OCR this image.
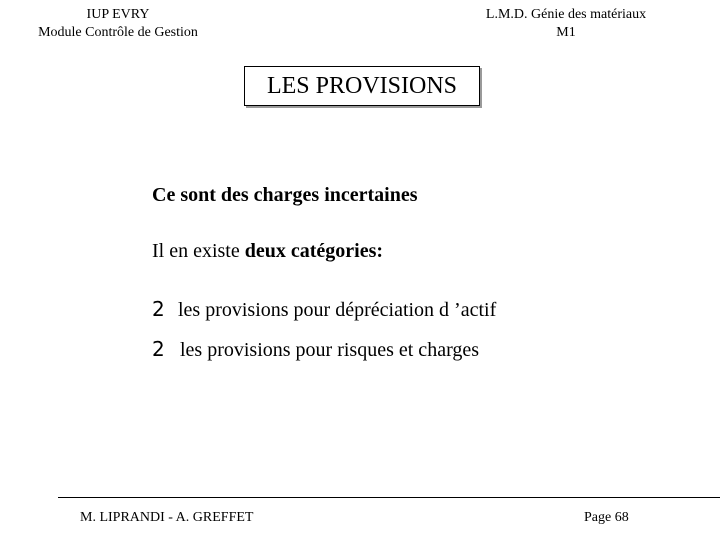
IUP EVRY
Module Contrôle de Gestion
L.M.D. Génie des matériaux
M1
LES PROVISIONS
Ce sont des charges incertaines
Il en existe deux catégories:
2 les provisions pour dépréciation d ’actif
2 les provisions pour risques et charges
M. LIPRANDI - A. GREFFET	Page 68
